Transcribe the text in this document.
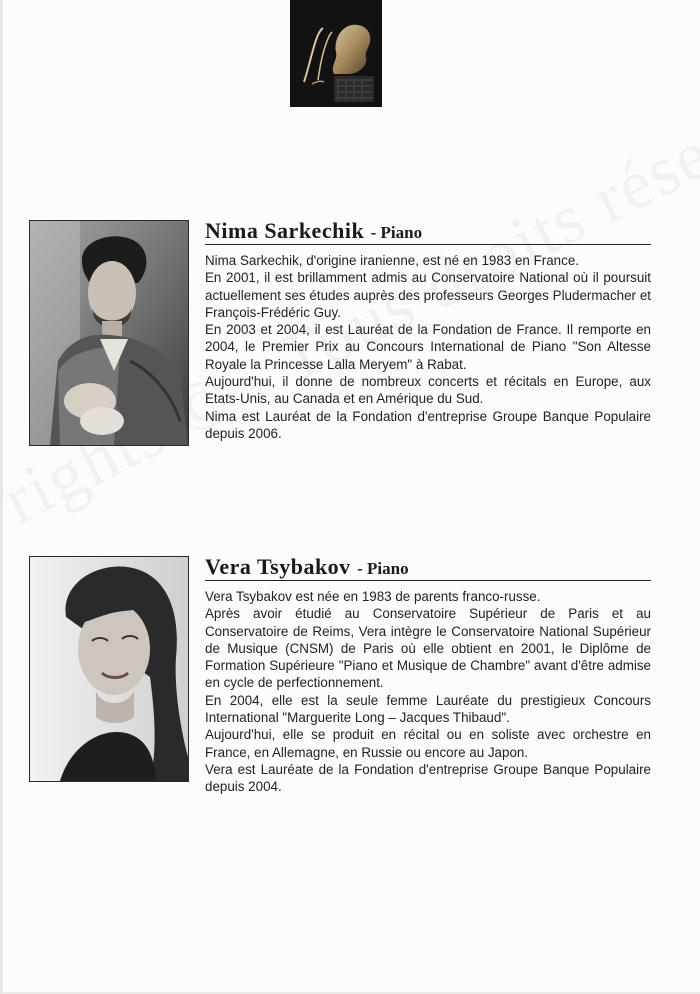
Nima Sarkechik - Piano

Nima Sarkechik, d'origine iranienne, est né en 1983 en France.

En 2001, il est brillamment admis au Conservatoire National où il poursuit actuellement ses études auprès des professeurs Georges Pludermacher et François-Frédéric Guy.

En 2003 et 2004, il est Lauréat de la Fondation de France. Il remporte en 2004, le Premier Prix au Concours International de Piano "Son Altesse Royale la Princesse Lalla Meryem" à Rabat.

Aujourd'hui, il donne de nombreux concerts et récitals en Europe, aux Etats-Unis, au Canada et en Amérique du Sud.

Nima est Lauréat de la Fondation d'entreprise Groupe Banque Populaire depuis 2006.

Vera Tsybakov - Piano

Vera Tsybakov est née en 1983 de parents franco-russe.

Après avoir étudié au Conservatoire Supérieur de Paris et au Conservatoire de Reims, Vera intègre le Conservatoire National Supérieur de Musique (CNSM) de Paris où elle obtient en 2001, le Diplôme de Formation Supérieure "Piano et Musique de Chambre" avant d'être admise en cycle de perfectionnement.

En 2004, elle est la seule femme Lauréate du prestigieux Concours International "Marguerite Long – Jacques Thibaud".

Aujourd'hui, elle se produit en récital ou en soliste avec orchestre en France, en Allemagne, en Russie ou encore au Japon.

Vera est Lauréate de la Fondation d'entreprise Groupe Banque Populaire depuis 2004.
